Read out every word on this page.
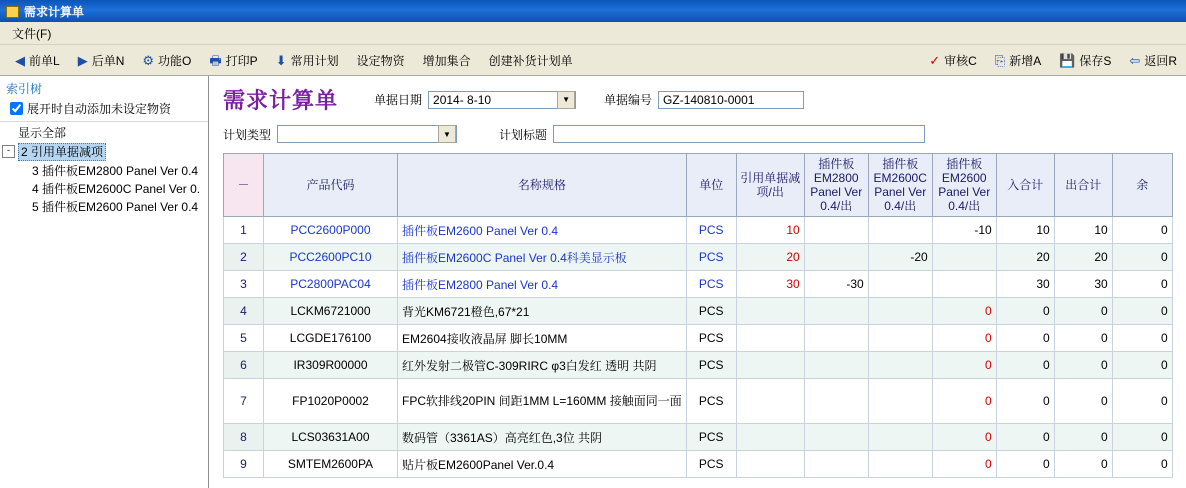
需求计算单
文件(F)
◀ 前单L ▶ 后单N ⚙ 功能O 🖶 打印P ⬇ 常用计划 设定物资 增加集合 创建补货计划单	✓ 审核C ⎘ 新增A 💾 保存S ⇦ 返回R
索引树
展开时自动添加未设定物资
显示全部
- 2 引用单据减项
3 插件板EM2800 Panel Ver 0.4
4 插件板EM2600C Panel Ver 0.
5 插件板EM2600 Panel Ver 0.4
需求计算单	单据日期 2014- 8-10	▼	单据编号 GZ-140810-0001
计划类型	▼	计划标题
－	产品代码	名称规格	单位	引用单据减项/出	插件板EM2800 Panel Ver 0.4/出	插件板EM2600C Panel Ver 0.4/出	插件板EM2600 Panel Ver 0.4/出	入合计	出合计	余
1	PCC2600P000	插件板EM2600 Panel Ver 0.4	PCS	10			-10	10	10	0
2	PCC2600PC10	插件板EM2600C Panel Ver 0.4科美显示板	PCS	20		-20		20	20	0
3	PC2800PAC04	插件板EM2800 Panel Ver 0.4	PCS	30	-30			30	30	0
4	LCKM6721000	背光KM6721橙色,67*21	PCS				0	0	0	0
5	LCGDE176100	EM2604接收液晶屏 脚长10MM	PCS				0	0	0	0
6	IR309R00000	红外发射二极管C-309RIRC φ3白发红 透明 共阴	PCS				0	0	0	0
7	FP1020P0002	FPC软排线20PIN 间距1MM L=160MM 接触面同一面	PCS				0	0	0	0
8	LCS03631A00	数码管（3361AS）高亮红色,3位 共阴	PCS				0	0	0	0
9	SMTEM2600PA	贴片板EM2600Panel Ver.0.4	PCS				0	0	0	0
